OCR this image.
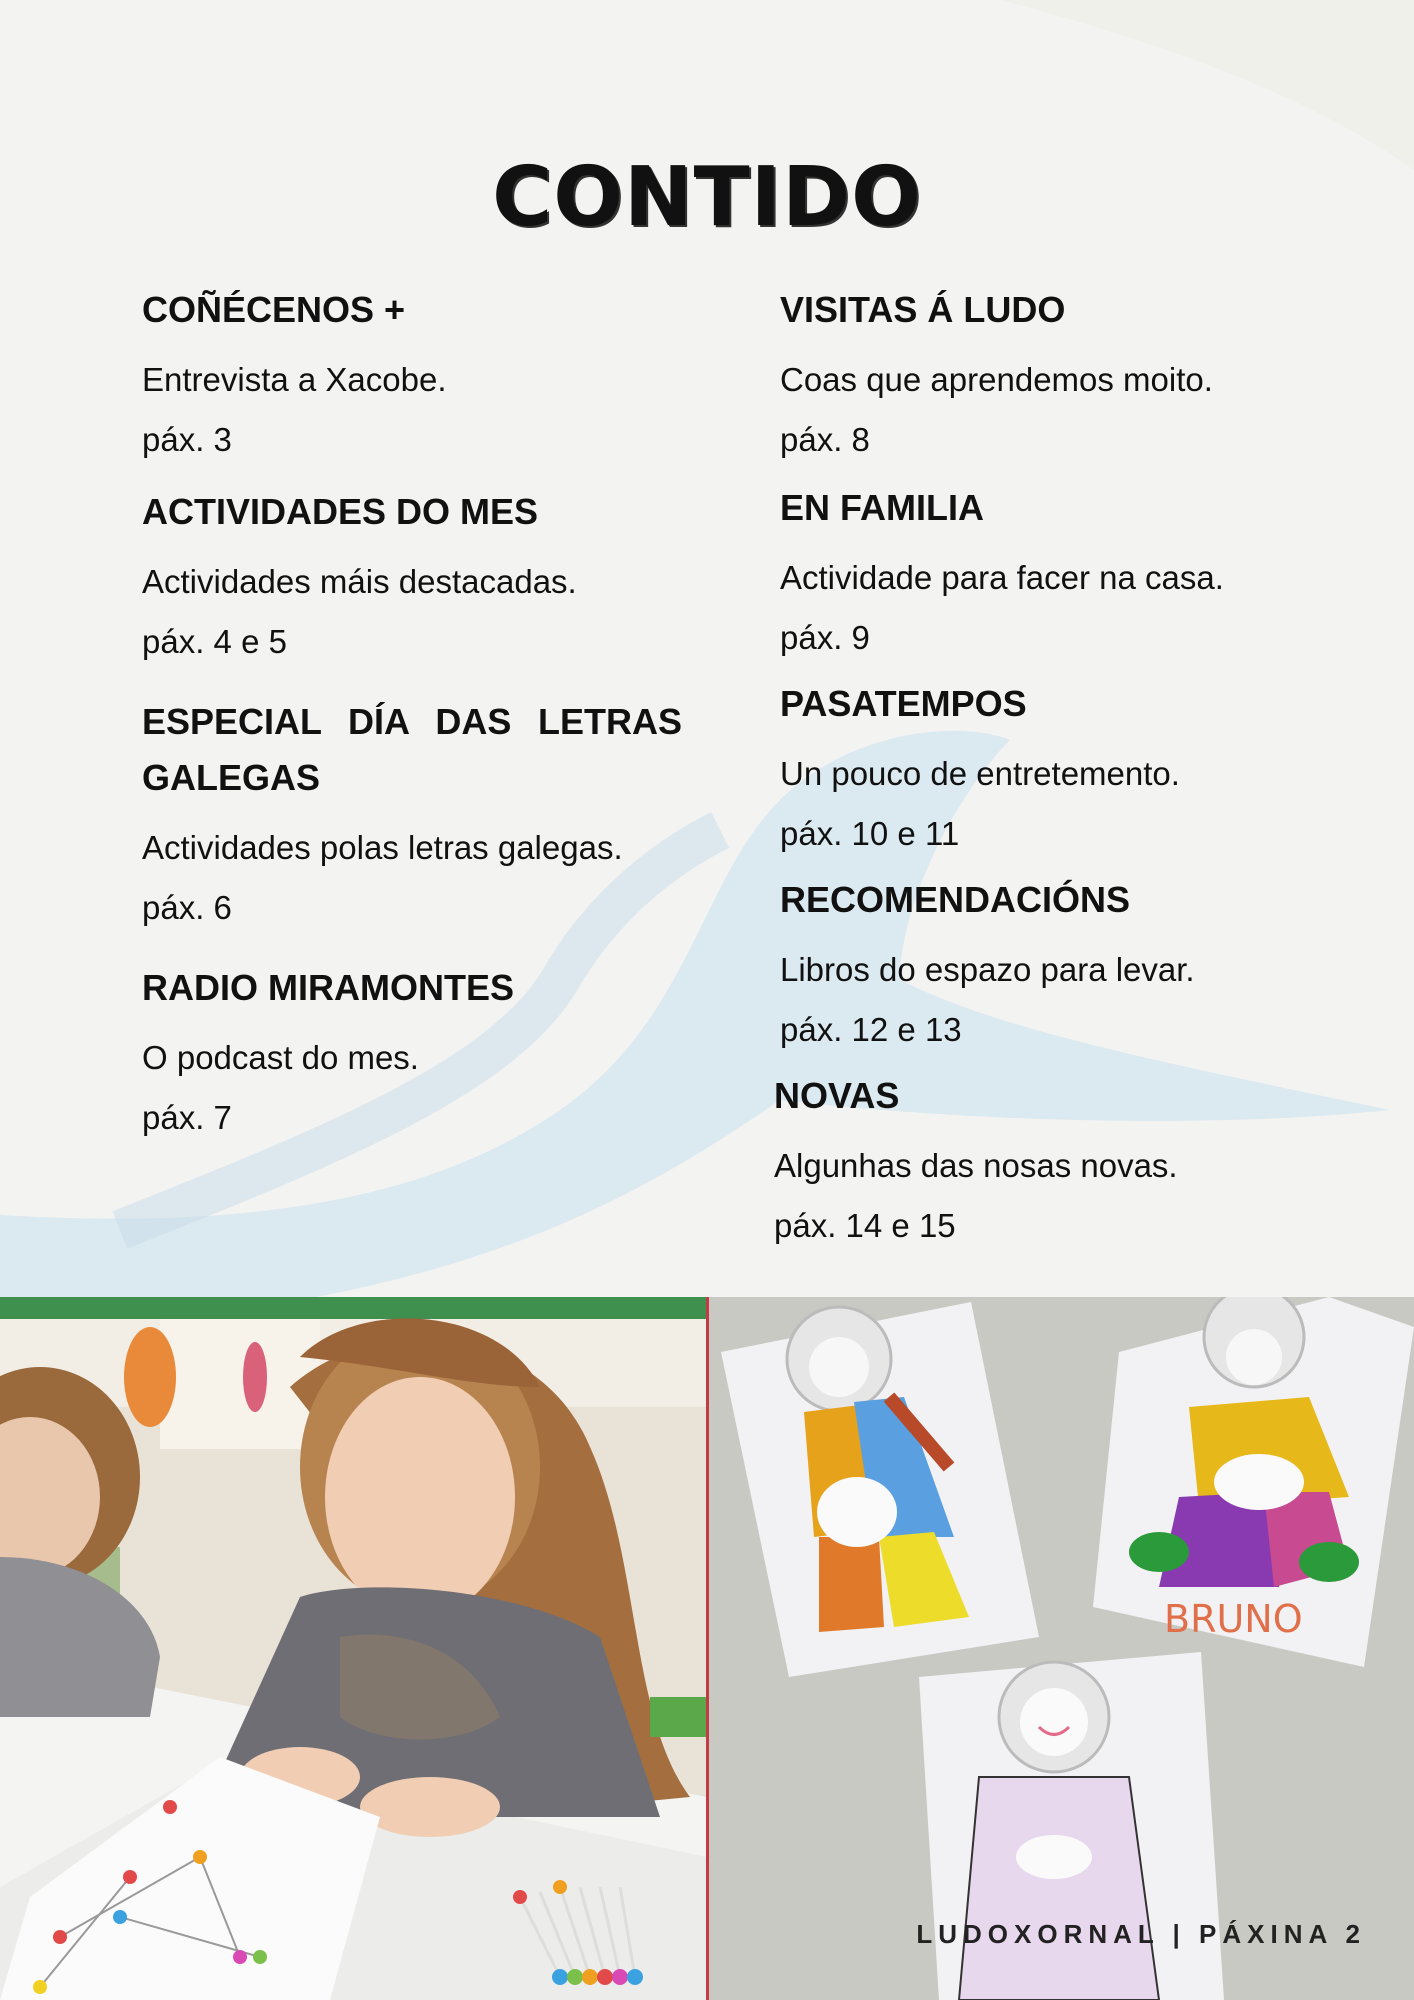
CONTIDO
COÑÉCENOS +

Entrevista a Xacobe.

páx. 3

ACTIVIDADES DO MES

Actividades máis destacadas.

páx. 4 e 5

ESPECIAL DÍA DAS LETRAS GALEGAS

Actividades polas letras galegas.

páx. 6

RADIO MIRAMONTES

O podcast do mes.

páx. 7

VISITAS Á LUDO

Coas que aprendemos moito.

páx. 8

EN FAMILIA

Actividade para facer na casa.

páx. 9

PASATEMPOS

Un pouco de entretemento.

páx. 10 e 11

RECOMENDACIÓNS

Libros do espazo para levar.

páx. 12 e 13

NOVAS

Algunhas das nosas novas.

páx. 14 e 15

BRUNO
LUDOXORNAL | PÁXINA 2
